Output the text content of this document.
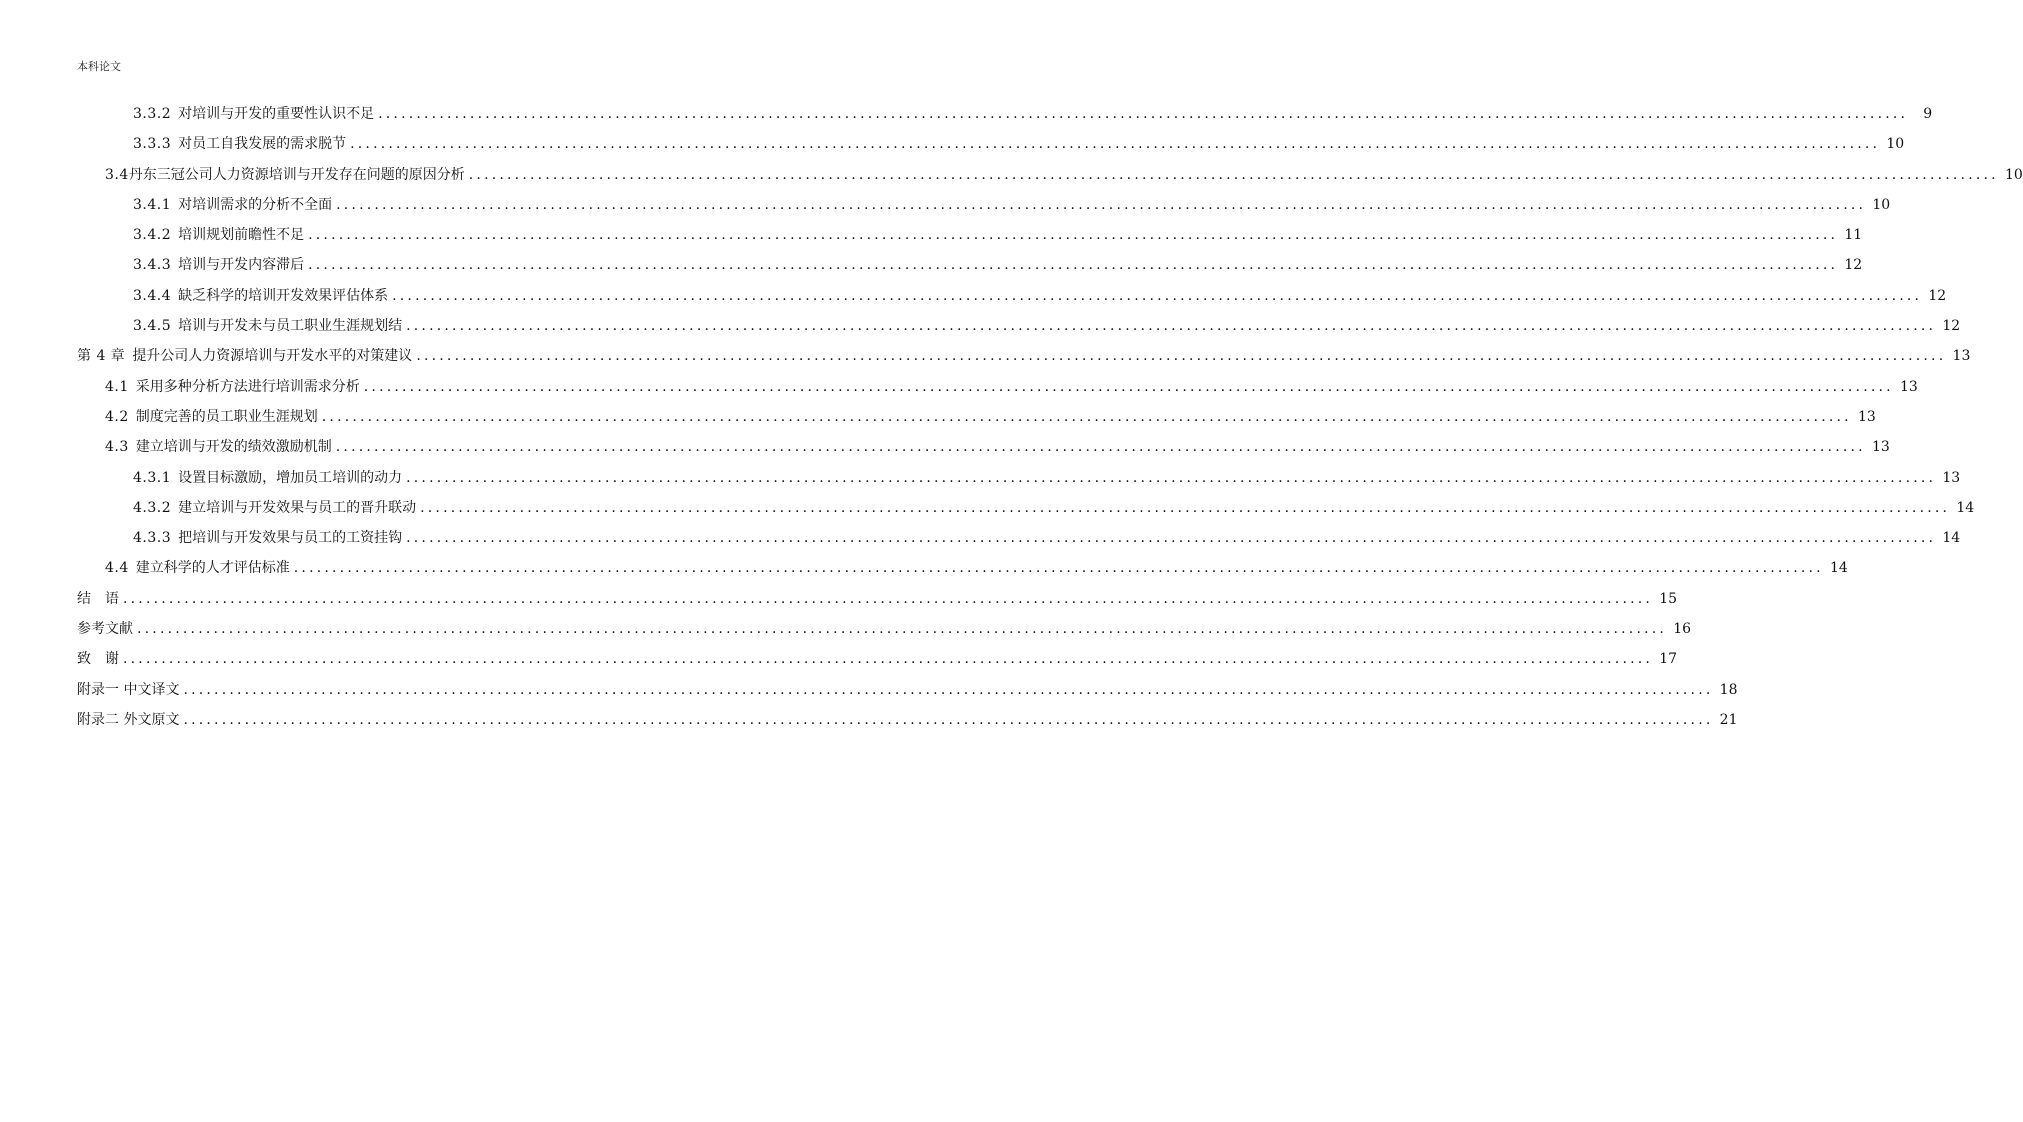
本科论文
3.3.2 对培训与开发的重要性认识不足 ........................................................................................................................................................................................................	9
3.3.3 对员工自我发展的需求脱节 ........................................................................................................................................................................................................ 10
3.4 丹东三冠公司人力资源培训与开发存在问题的原因分析 ........................................................................................................................................................................................................ 10
3.4.1 对培训需求的分析不全面 ........................................................................................................................................................................................................ 10
3.4.2 培训规划前瞻性不足 ........................................................................................................................................................................................................ 11
3.4.3 培训与开发内容滞后 ........................................................................................................................................................................................................ 12
3.4.4 缺乏科学的培训开发效果评估体系 ........................................................................................................................................................................................................ 12
3.4.5 培训与开发未与员工职业生涯规划结 ........................................................................................................................................................................................................ 12
第 4 章 提升公司人力资源培训与开发水平的对策建议 ........................................................................................................................................................................................................ 13
4.1 采用多种分析方法进行培训需求分析 ........................................................................................................................................................................................................ 13
4.2 制度完善的员工职业生涯规划 ........................................................................................................................................................................................................ 13
4.3 建立培训与开发的绩效激励机制 ........................................................................................................................................................................................................ 13
4.3.1 设置目标激励，增加员工培训的动力 ........................................................................................................................................................................................................ 13
4.3.2 建立培训与开发效果与员工的晋升联动 ........................................................................................................................................................................................................ 14
4.3.3 把培训与开发效果与员工的工资挂钩 ........................................................................................................................................................................................................ 14
4.4 建立科学的人才评估标准 ........................................................................................................................................................................................................ 14
结　语 ........................................................................................................................................................................................................ 15
参考文献 ........................................................................................................................................................................................................ 16
致　谢 ........................................................................................................................................................................................................ 17
附录一 中文译文 ........................................................................................................................................................................................................ 18
附录二 外文原文 ........................................................................................................................................................................................................ 21
